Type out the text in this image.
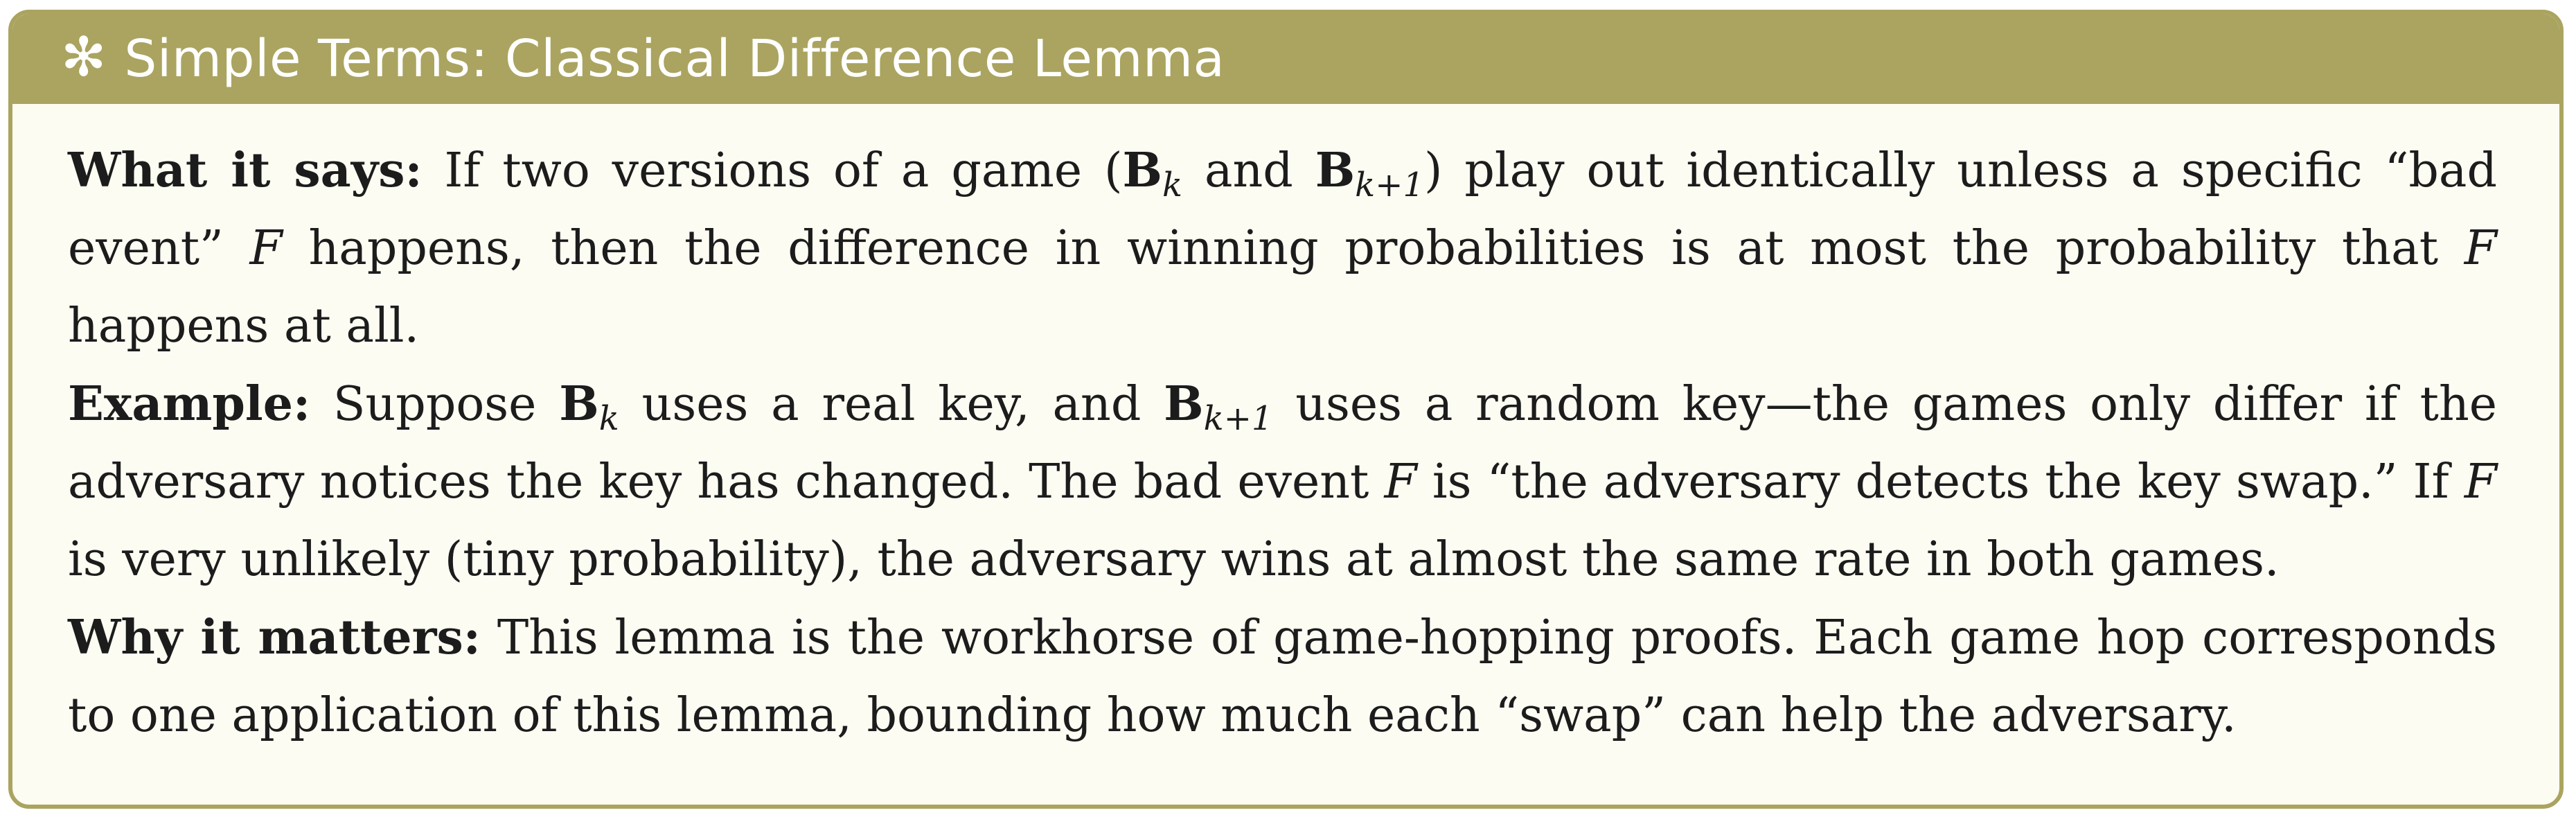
✻ Simple Terms: Classical Difference Lemma

What it says: If two versions of a game ($B_k$ and $B_{k+1}$) play out identically unless a specific “bad event” F happens, then the difference in winning probabilities is at most the probability that F happens at all.

Example: Suppose $B_k$ uses a real key, and $B_{k+1}$ uses a random key—the games only differ if the adversary notices the key has changed. The bad event F is “the adversary detects the key swap.” If F is very unlikely (tiny probability), the adversary wins at almost the same rate in both games.

Why it matters: This lemma is the workhorse of game-hopping proofs. Each game hop corresponds to one application of this lemma, bounding how much each “swap” can help the adversary.
